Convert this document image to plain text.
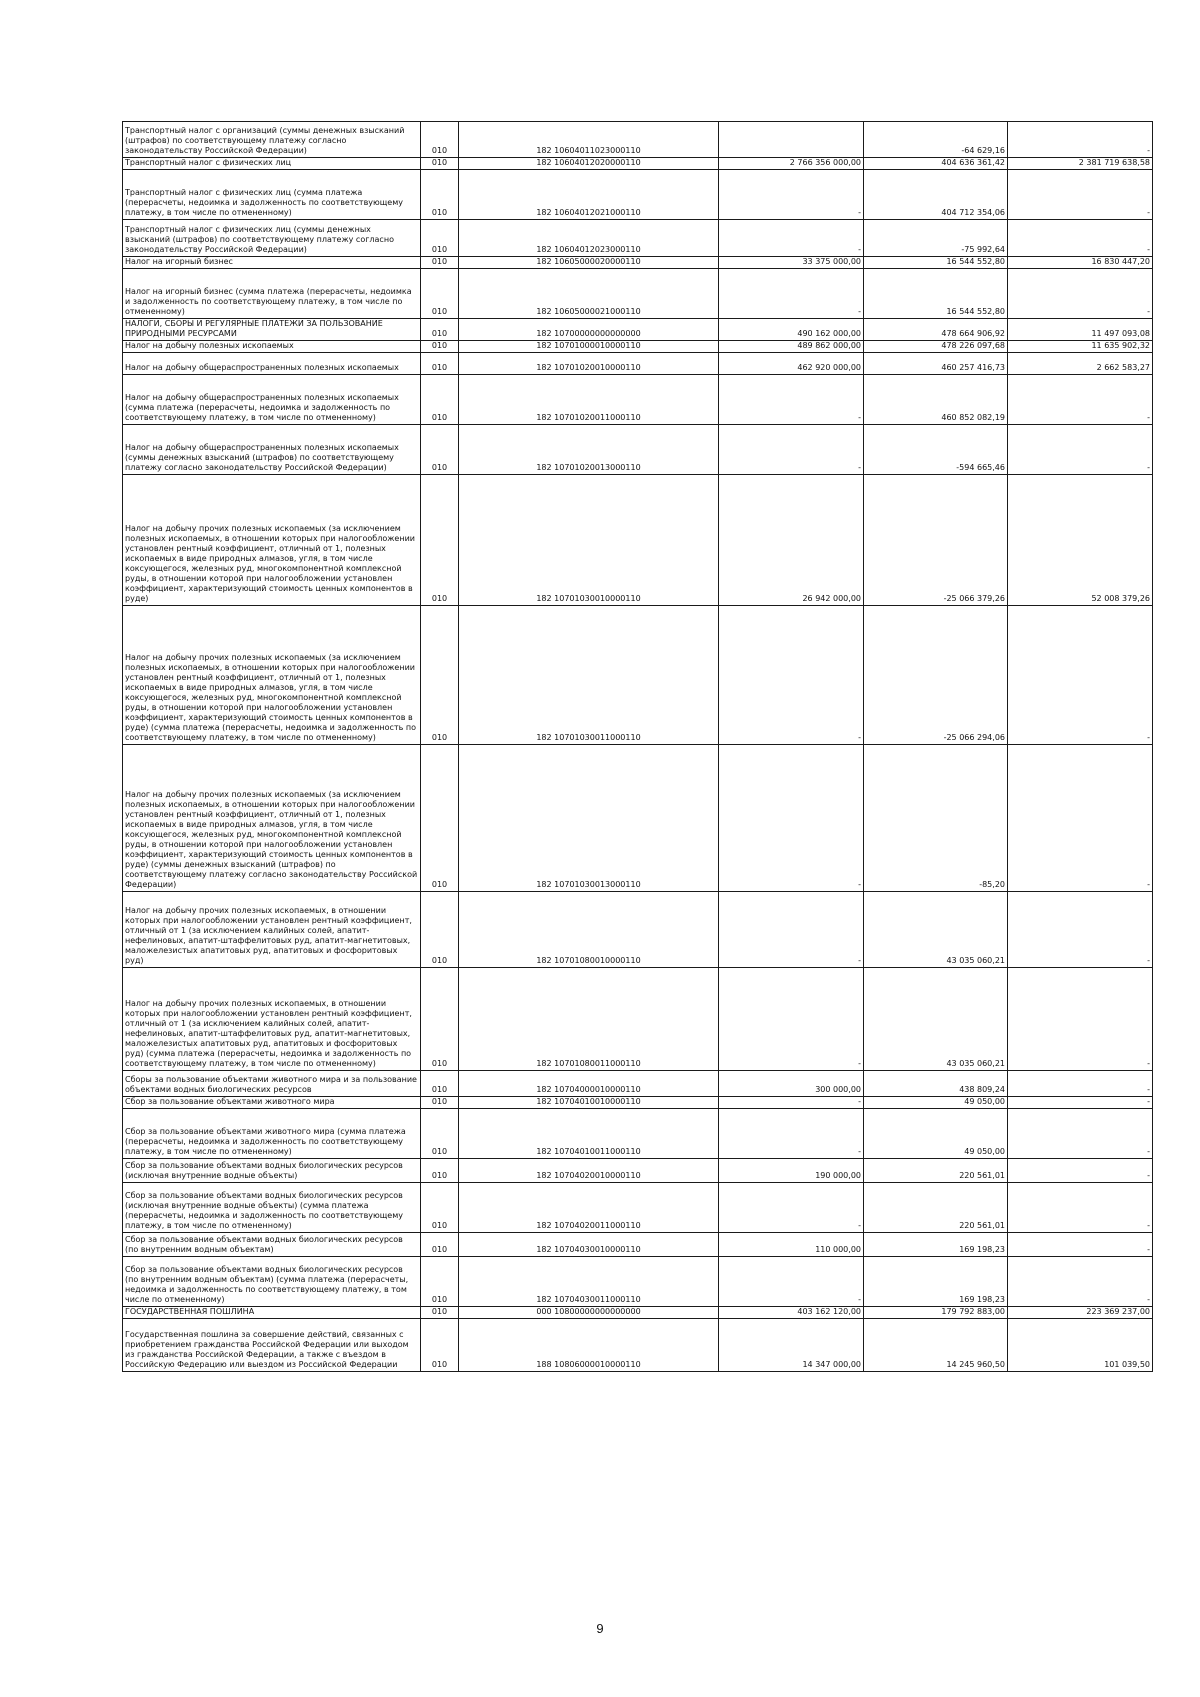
Транспортный налог с организаций (суммы денежных взысканий (штрафов) по соответствующему платежу согласно законодательству Российской Федерации)	010	182 10604011023000110		-64 629,16	-
Транспортный налог с физических лиц	010	182 10604012020000110	2 766 356 000,00	404 636 361,42	2 381 719 638,58
Транспортный налог с физических лиц (сумма платежа (перерасчеты, недоимка и задолженность по соответствующему платежу, в том числе по отмененному)	010	182 10604012021000110	-	404 712 354,06	-
Транспортный налог с физических лиц (суммы денежных взысканий (штрафов) по соответствующему платежу согласно законодательству Российской Федерации)	010	182 10604012023000110	-	-75 992,64	-
Налог на игорный бизнес	010	182 10605000020000110	33 375 000,00	16 544 552,80	16 830 447,20
Налог на игорный бизнес (сумма платежа (перерасчеты, недоимка и задолженность по соответствующему платежу, в том числе по отмененному)	010	182 10605000021000110	-	16 544 552,80	-
НАЛОГИ, СБОРЫ И РЕГУЛЯРНЫЕ ПЛАТЕЖИ ЗА ПОЛЬЗОВАНИЕ ПРИРОДНЫМИ РЕСУРСАМИ	010	182 10700000000000000	490 162 000,00	478 664 906,92	11 497 093,08
Налог на добычу полезных ископаемых	010	182 10701000010000110	489 862 000,00	478 226 097,68	11 635 902,32
Налог на добычу общераспространенных полезных ископаемых	010	182 10701020010000110	462 920 000,00	460 257 416,73	2 662 583,27
Налог на добычу общераспространенных полезных ископаемых (сумма платежа (перерасчеты, недоимка и задолженность по соответствующему платежу, в том числе по отмененному)	010	182 10701020011000110	-	460 852 082,19	-
Налог на добычу общераспространенных полезных ископаемых (суммы денежных взысканий (штрафов) по соответствующему платежу согласно законодательству Российской Федерации)	010	182 10701020013000110	-	-594 665,46	-
Налог на добычу прочих полезных ископаемых (за исключением полезных ископаемых, в отношении которых при налогообложении установлен рентный коэффициент, отличный от 1, полезных ископаемых в виде природных алмазов, угля, в том числе коксующегося, железных руд, многокомпонентной комплексной руды, в отношении которой при налогообложении установлен коэффициент, характеризующий стоимость ценных компонентов в руде)	010	182 10701030010000110	26 942 000,00	-25 066 379,26	52 008 379,26
Налог на добычу прочих полезных ископаемых (за исключением полезных ископаемых, в отношении которых при налогообложении установлен рентный коэффициент, отличный от 1, полезных ископаемых в виде природных алмазов, угля, в том числе коксующегося, железных руд, многокомпонентной комплексной руды, в отношении которой при налогообложении установлен коэффициент, характеризующий стоимость ценных компонентов в руде) (сумма платежа (перерасчеты, недоимка и задолженность по соответствующему платежу, в том числе по отмененному)	010	182 10701030011000110	-	-25 066 294,06	-
Налог на добычу прочих полезных ископаемых (за исключением полезных ископаемых, в отношении которых при налогообложении установлен рентный коэффициент, отличный от 1, полезных ископаемых в виде природных алмазов, угля, в том числе коксующегося, железных руд, многокомпонентной комплексной руды, в отношении которой при налогообложении установлен коэффициент, характеризующий стоимость ценных компонентов в руде) (суммы денежных взысканий (штрафов) по соответствующему платежу согласно законодательству Российской Федерации)	010	182 10701030013000110	-	-85,20	-
Налог на добычу прочих полезных ископаемых, в отношении которых при налогообложении установлен рентный коэффициент, отличный от 1 (за исключением калийных солей, апатит-нефелиновых, апатит-штаффелитовых руд, апатит-магнетитовых, маложелезистых апатитовых руд, апатитовых и фосфоритовых руд)	010	182 10701080010000110	-	43 035 060,21	-
Налог на добычу прочих полезных ископаемых, в отношении которых при налогообложении установлен рентный коэффициент, отличный от 1 (за исключением калийных солей, апатит-нефелиновых, апатит-штаффелитовых руд, апатит-магнетитовых, маложелезистых апатитовых руд, апатитовых и фосфоритовых руд) (сумма платежа (перерасчеты, недоимка и задолженность по соответствующему платежу, в том числе по отмененному)	010	182 10701080011000110	-	43 035 060,21	-
Сборы за пользование объектами животного мира и за пользование объектами водных биологических ресурсов	010	182 10704000010000110	300 000,00	438 809,24	-
Сбор за пользование объектами животного мира	010	182 10704010010000110	-	49 050,00	-
Сбор за пользование объектами животного мира (сумма платежа (перерасчеты, недоимка и задолженность по соответствующему платежу, в том числе по отмененному)	010	182 10704010011000110	-	49 050,00	-
Сбор за пользование объектами водных биологических ресурсов (исключая внутренние водные объекты)	010	182 10704020010000110	190 000,00	220 561,01	-
Сбор за пользование объектами водных биологических ресурсов (исключая внутренние водные объекты) (сумма платежа (перерасчеты, недоимка и задолженность по соответствующему платежу, в том числе по отмененному)	010	182 10704020011000110	-	220 561,01	-
Сбор за пользование объектами водных биологических ресурсов (по внутренним водным объектам)	010	182 10704030010000110	110 000,00	169 198,23	-
Сбор за пользование объектами водных биологических ресурсов (по внутренним водным объектам) (сумма платежа (перерасчеты, недоимка и задолженность по соответствующему платежу, в том числе по отмененному)	010	182 10704030011000110	-	169 198,23	-
ГОСУДАРСТВЕННАЯ ПОШЛИНА	010	000 10800000000000000	403 162 120,00	179 792 883,00	223 369 237,00
Государственная пошлина за совершение действий, связанных с приобретением гражданства Российской Федерации или выходом из гражданства Российской Федерации, а также с въездом в Российскую Федерацию или выездом из Российской Федерации	010	188 10806000010000110	14 347 000,00	14 245 960,50	101 039,50
9
